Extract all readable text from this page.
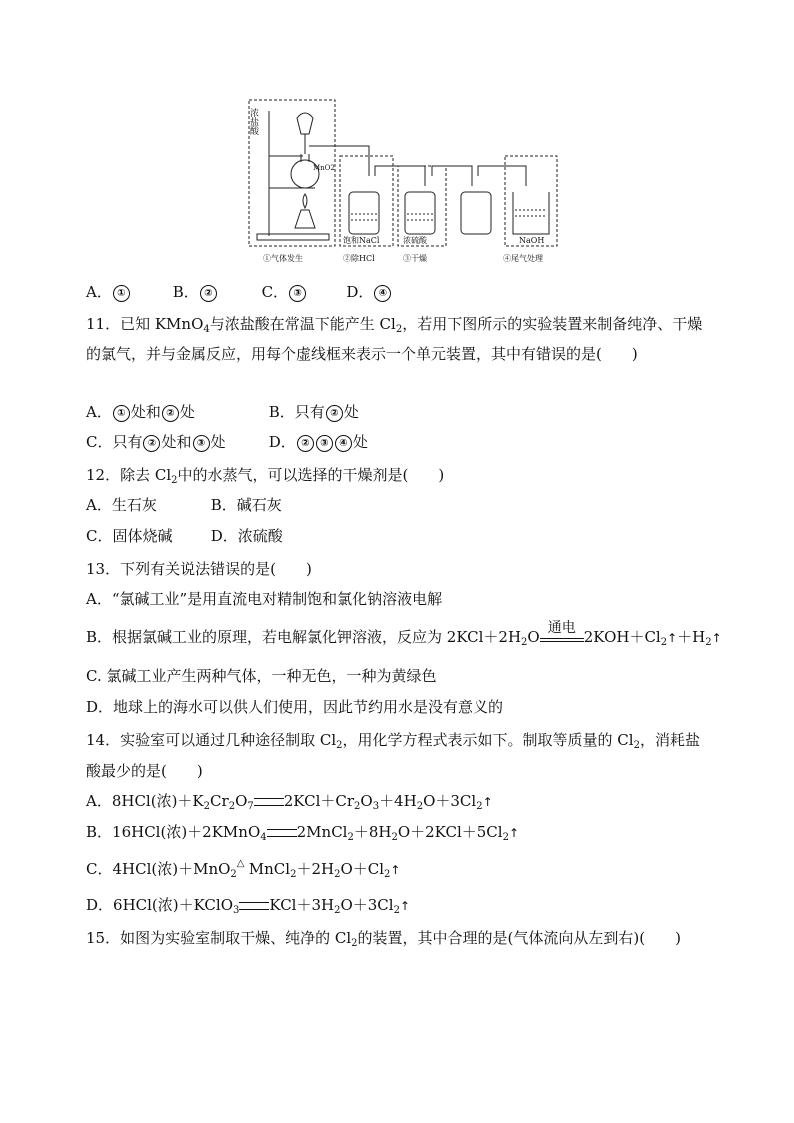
浓盐酸
MnO2
饱和NaCl	浓硫酸	NaOH
①气体发生	②除HCl	③干燥	④尾气处理
A． ①	B． ②	C． ③	D． ④
11．已知 KMnO$_4$与浓盐酸在常温下能产生 $Cl_2$，若用下图所示的实验装置来制备纯净、干燥
的氯气，并与金属反应，用每个虚线框来表示一个单元装置，其中有错误的是(　　)
A． ① 处和 ② 处	B．只有 ② 处
C．只有 ② 处和 ③ 处	D． ② ③ ④ 处
12．除去 $Cl_2$中的水蒸气，可以选择的干燥剂是(　　)
A．生石灰	B．碱石灰
C．固体烧碱	D．浓硫酸
13．下列有关说法错误的是(　　)
A．“氯碱工业”是用直流电对精制饱和氯化钠溶液电解
B．根据氯碱工业的原理，若电解氯化钾溶液，反应为 $2KCl+2H_2O$ 通电 $2KOH+Cl_2↑+H_2↑$
C. 氯碱工业产生两种气体，一种无色，一种为黄绿色
D．地球上的海水可以供人们使用，因此节约用水是没有意义的
14．实验室可以通过几种途径制取 $Cl_2$，用化学方程式表示如下。制取等质量的 $Cl_2$，消耗盐
酸最少的是(　　)
A．8HCl(浓)$+K_2Cr_2O_7$ $2KCl+Cr_2O_3+4H_2O+3Cl_2↑$
B．16HCl(浓)＋2KMnO$_4$ $2MnCl_2+8H_2O+2KCl+5Cl_2↑$
C．4HCl(浓)＋MnO$_2$
△ $MnCl_2+2H_2O+Cl_2↑$
D．6HCl(浓)＋KClO$_3$ $KCl+3H_2O+3Cl_2↑$
15．如图为实验室制取干燥、纯净的 $Cl_2$的装置，其中合理的是(气体流向从左到右)(　　)
